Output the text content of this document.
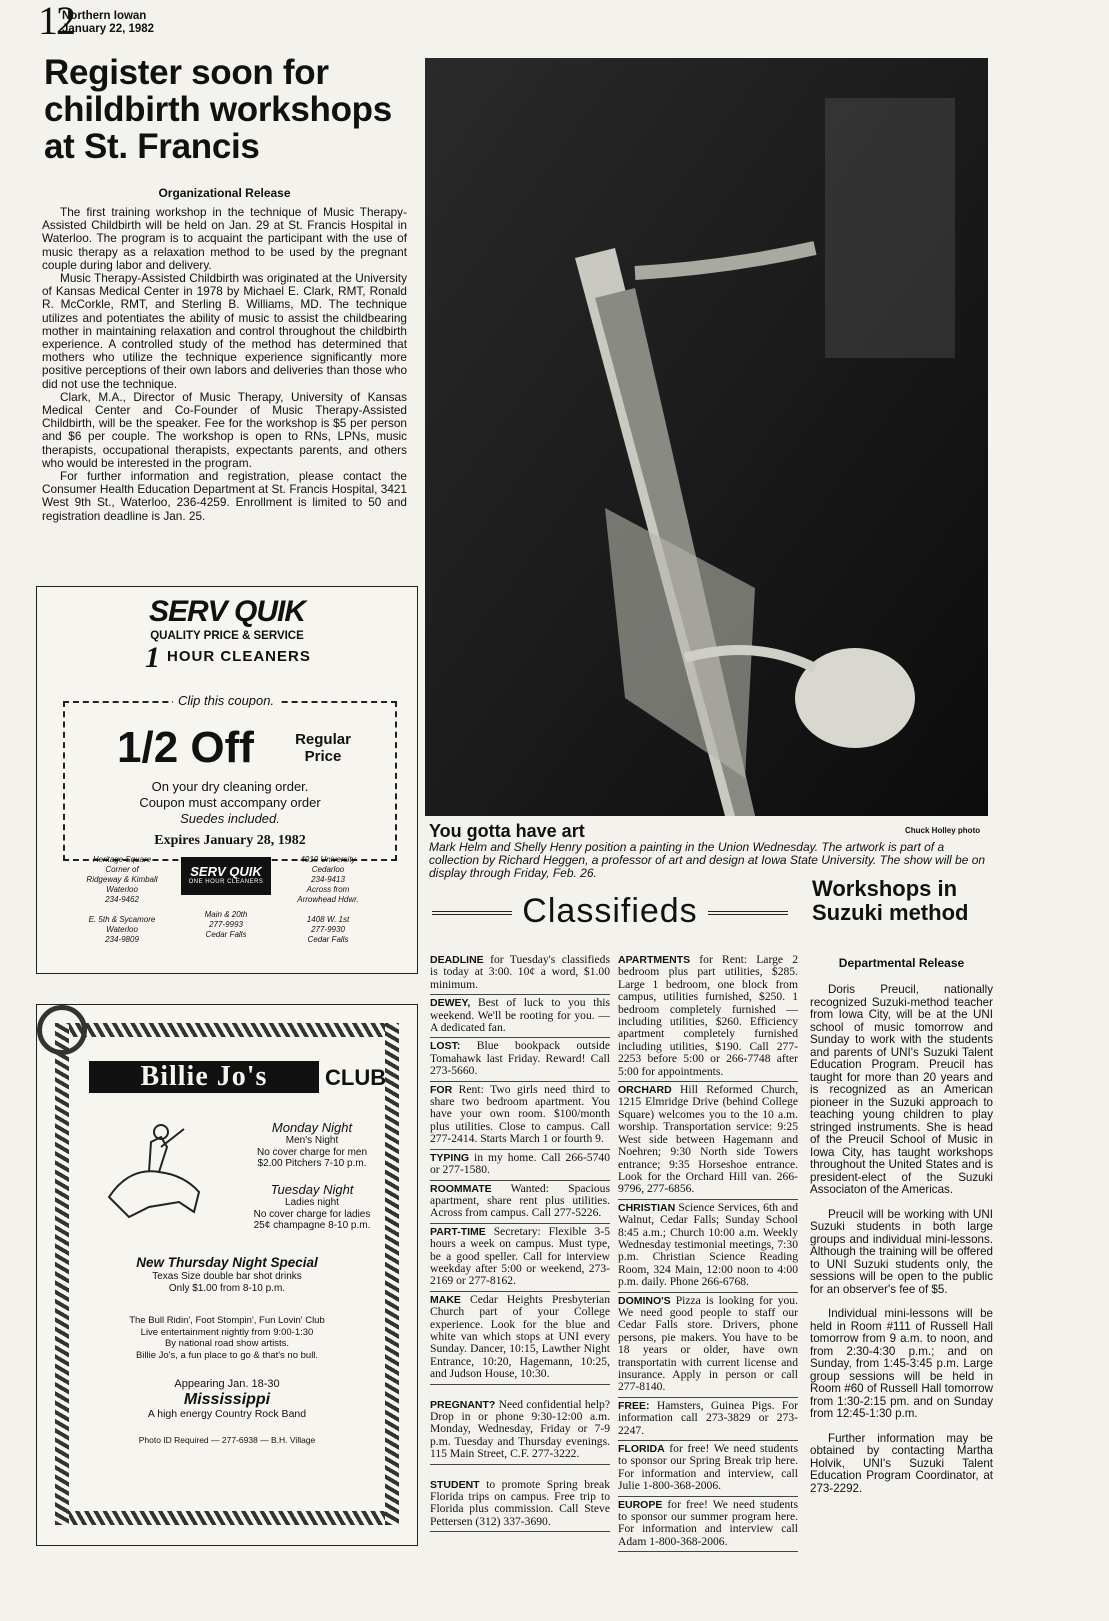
12
Northern Iowan
January 22, 1982
Register soon for childbirth workshops at St. Francis
Organizational Release

The first training workshop in the technique of Music Therapy-Assisted Childbirth will be held on Jan. 29 at St. Francis Hospital in Waterloo. The program is to acquaint the participant with the use of music therapy as a relaxation method to be used by the pregnant couple during labor and delivery.

Music Therapy-Assisted Childbirth was originated at the University of Kansas Medical Center in 1978 by Michael E. Clark, RMT, Ronald R. McCorkle, RMT, and Sterling B. Williams, MD. The technique utilizes and potentiates the ability of music to assist the childbearing mother in maintaining relaxation and control throughout the childbirth experience. A controlled study of the method has determined that mothers who utilize the technique experience significantly more positive perceptions of their own labors and deliveries than those who did not use the technique.

Clark, M.A., Director of Music Therapy, University of Kansas Medical Center and Co-Founder of Music Therapy-Assisted Childbirth, will be the speaker. Fee for the workshop is $5 per person and $6 per couple. The workshop is open to RNs, LPNs, music therapists, occupational therapists, expectants parents, and others who would be interested in the program.

For further information and registration, please contact the Consumer Health Education Department at St. Francis Hospital, 3421 West 9th St., Waterloo, 236-4259. Enrollment is limited to 50 and registration deadline is Jan. 25.

SERV QUIK
QUALITY PRICE & SERVICE
1 HOUR CLEANERS
Clip this coupon.
1/2 Off	Regular
Price
On your dry cleaning order.
Coupon must accompany order
Suedes included.
Expires January 28, 1982
Heritage Square
Corner of
Ridgeway & Kimball
Waterloo
234-9462
SERV QUIK
ONE HOUR CLEANERS
4010 University
Cedarloo
234-9413
Across from
Arrowhead Hdwr.
E. 5th & Sycamore
Waterloo
234-9809
Main & 20th
277-9993
Cedar Falls
1408 W. 1st
277-9930
Cedar Falls
Billie Jo's	CLUB
Monday Night
Men's Night
No cover charge for men
$2.00 Pitchers 7-10 p.m.
Tuesday Night
Ladies night
No cover charge for ladies
25¢ champagne 8-10 p.m.
New Thursday Night Special
Texas Size double bar shot drinks
Only $1.00 from 8-10 p.m.
The Bull Ridin', Foot Stompin', Fun Lovin' Club
Live entertainment nightly from 9:00-1:30
By national road show artists.
Billie Jo's, a fun place to go & that's no bull.
Appearing Jan. 18-30
Mississippi
A high energy Country Rock Band
Photo ID Required — 277-6938 — B.H. Village
You gotta have art	Chuck Holley photo
Mark Helm and Shelly Henry position a painting in the Union Wednesday. The artwork is part of a collection by Richard Heggen, a professor of art and design at Iowa State University. The show will be on display through Friday, Feb. 26.
Classifieds
DEADLINE for Tuesday's classifieds is today at 3:00. 10¢ a word, $1.00 minimum.
DEWEY, Best of luck to you this weekend. We'll be rooting for you. — A dedicated fan.
LOST: Blue bookpack outside Tomahawk last Friday. Reward! Call 273-5660.
FOR Rent: Two girls need third to share two bedroom apartment. You have your own room. $100/month plus utilities. Close to campus. Call 277-2414. Starts March 1 or fourth 9.
TYPING in my home. Call 266-5740 or 277-1580.
ROOMMATE Wanted: Spacious apartment, share rent plus utilities. Across from campus. Call 277-5226.
PART-TIME Secretary: Flexible 3-5 hours a week on campus. Must type, be a good speller. Call for interview weekday after 5:00 or weekend, 273-2169 or 277-8162.
MAKE Cedar Heights Presbyterian Church part of your College experience. Look for the blue and white van which stops at UNI every Sunday. Dancer, 10:15, Lawther Night Entrance, 10:20, Hagemann, 10:25, and Judson House, 10:30.
PREGNANT? Need confidential help? Drop in or phone 9:30-12:00 a.m. Monday, Wednesday, Friday or 7-9 p.m. Tuesday and Thursday evenings. 115 Main Street, C.F. 277-3222.
STUDENT to promote Spring break Florida trips on campus. Free trip to Florida plus commission. Call Steve Pettersen (312) 337-3690.
APARTMENTS for Rent: Large 2 bedroom plus part utilities, $285. Large 1 bedroom, one block from campus, utilities furnished, $250. 1 bedroom completely furnished — including utilities, $260. Efficiency apartment completely furnished including utilities, $190. Call 277-2253 before 5:00 or 266-7748 after 5:00 for appointments.
ORCHARD Hill Reformed Church, 1215 Elmridge Drive (behind College Square) welcomes you to the 10 a.m. worship. Transportation service: 9:25 West side between Hagemann and Noehren; 9:30 North side Towers entrance; 9:35 Horseshoe entrance. Look for the Orchard Hill van. 266-9796, 277-6856.
CHRISTIAN Science Services, 6th and Walnut, Cedar Falls; Sunday School 8:45 a.m.; Church 10:00 a.m. Weekly Wednesday testimonial meetings, 7:30 p.m. Christian Science Reading Room, 324 Main, 12:00 noon to 4:00 p.m. daily. Phone 266-6768.
DOMINO'S Pizza is looking for you. We need good people to staff our Cedar Falls store. Drivers, phone persons, pie makers. You have to be 18 years or older, have own transportatin with current license and insurance. Apply in person or call 277-8140.
FREE: Hamsters, Guinea Pigs. For information call 273-3829 or 273-2247.
FLORIDA for free! We need students to sponsor our Spring Break trip here. For information and interview, call Julie 1-800-368-2006.
EUROPE for free! We need students to sponsor our summer program here. For information and interview call Adam 1-800-368-2006.
Workshops in Suzuki method
Departmental Release

Doris Preucil, nationally recognized Suzuki-method teacher from Iowa City, will be at the UNI school of music tomorrow and Sunday to work with the students and parents of UNI's Suzuki Talent Education Program. Preucil has taught for more than 20 years and is recognized as an American pioneer in the Suzuki approach to teaching young children to play stringed instruments. She is head of the Preucil School of Music in Iowa City, has taught workshops throughout the United States and is president-elect of the Suzuki Associaton of the Americas.

Preucil will be working with UNI Suzuki students in both large groups and individual mini-lessons. Although the training will be offered to UNI Suzuki students only, the sessions will be open to the public for an observer's fee of $5.

Individual mini-lessons will be held in Room #111 of Russell Hall tomorrow from 9 a.m. to noon, and from 2:30-4:30 p.m.; and on Sunday, from 1:45-3:45 p.m. Large group sessions will be held in Room #60 of Russell Hall tomorrow from 1:30-2:15 pm. and on Sunday from 12:45-1:30 p.m.

Further information may be obtained by contacting Martha Holvik, UNI's Suzuki Talent Education Program Coordinator, at 273-2292.
